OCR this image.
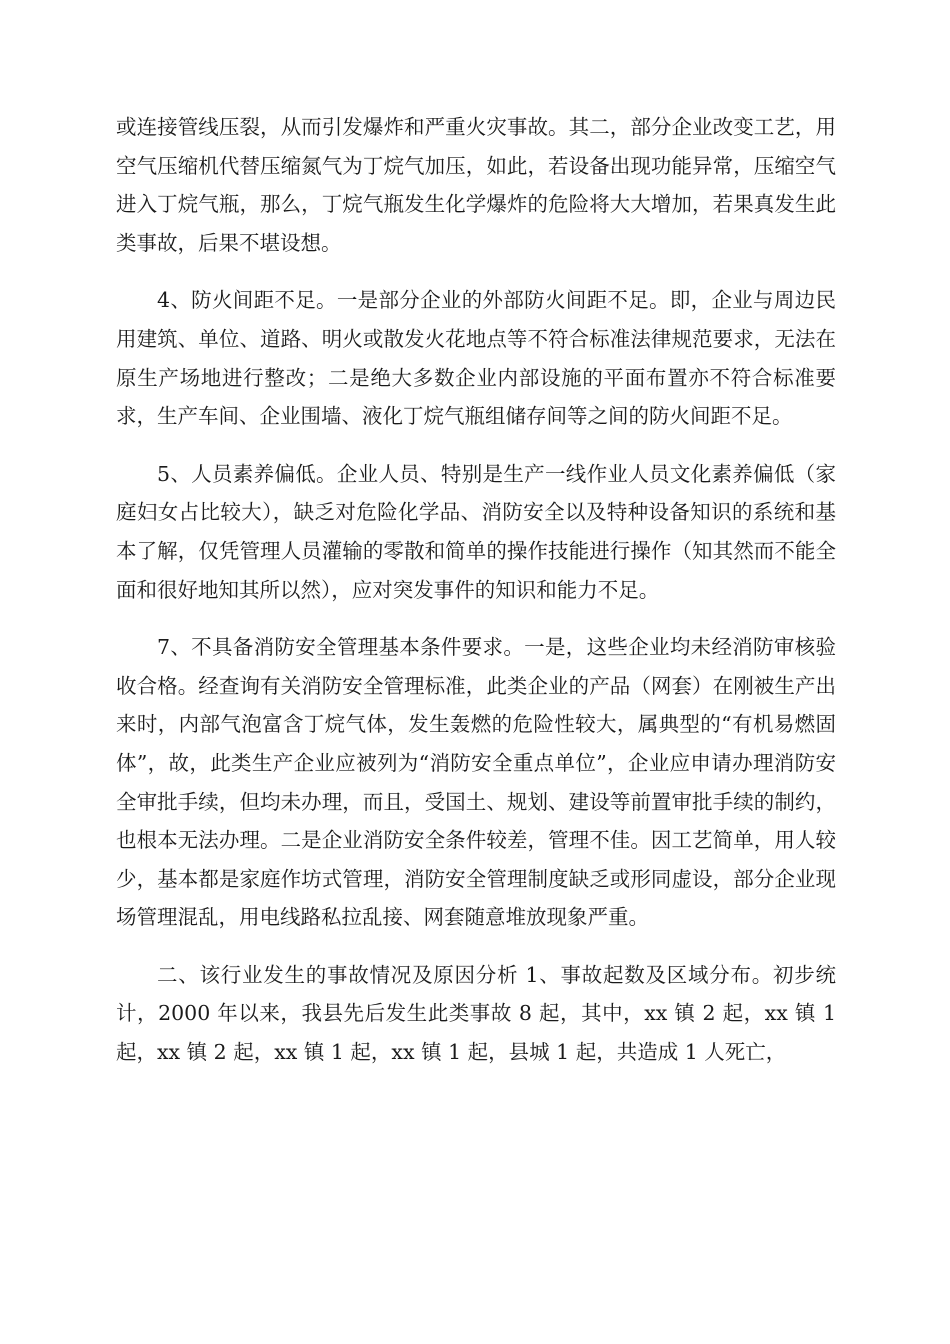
或连接管线压裂，从而引发爆炸和严重火灾事故。其二，部分企业改变工艺，用空气压缩机代替压缩氮气为丁烷气加压，如此，若设备出现功能异常，压缩空气进入丁烷气瓶，那么，丁烷气瓶发生化学爆炸的危险将大大增加，若果真发生此类事故，后果不堪设想。

4、防火间距不足。一是部分企业的外部防火间距不足。即，企业与周边民用建筑、单位、道路、明火或散发火花地点等不符合标准法律规范要求，无法在原生产场地进行整改；二是绝大多数企业内部设施的平面布置亦不符合标准要求，生产车间、企业围墙、液化丁烷气瓶组储存间等之间的防火间距不足。

5、人员素养偏低。企业人员、特别是生产一线作业人员文化素养偏低（家庭妇女占比较大），缺乏对危险化学品、消防安全以及特种设备知识的系统和基本了解，仅凭管理人员灌输的零散和简单的操作技能进行操作（知其然而不能全面和很好地知其所以然），应对突发事件的知识和能力不足。

7、不具备消防安全管理基本条件要求。一是，这些企业均未经消防审核验收合格。经查询有关消防安全管理标准，此类企业的产品（网套）在刚被生产出来时，内部气泡富含丁烷气体，发生轰燃的危险性较大，属典型的“有机易燃固体”，故，此类生产企业应被列为“消防安全重点单位”，企业应申请办理消防安全审批手续，但均未办理，而且，受国土、规划、建设等前置审批手续的制约，也根本无法办理。二是企业消防安全条件较差，管理不佳。因工艺简单，用人较少，基本都是家庭作坊式管理，消防安全管理制度缺乏或形同虚设，部分企业现场管理混乱，用电线路私拉乱接、网套随意堆放现象严重。

二、该行业发生的事故情况及原因分析 1、事故起数及区域分布。初步统计，2000 年以来，我县先后发生此类事故 8 起，其中，xx 镇 2 起，xx 镇 1 起，xx 镇 2 起，xx 镇 1 起，xx 镇 1 起，县城 1 起，共造成 1 人死亡，
